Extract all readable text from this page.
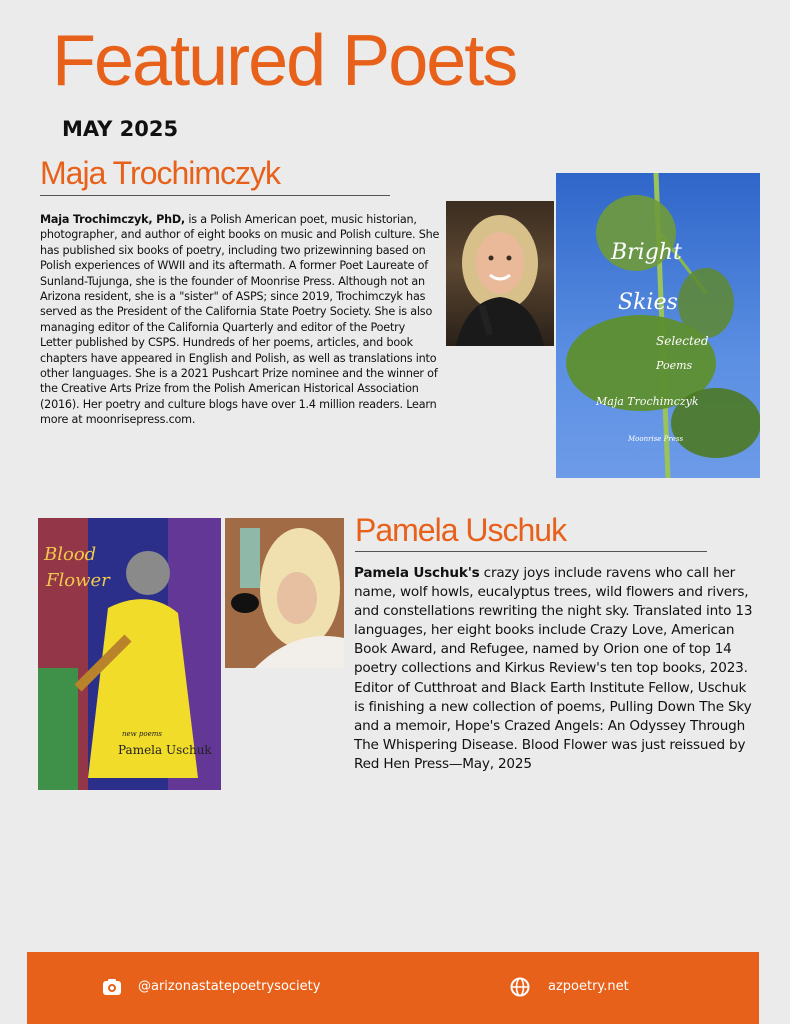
Featured Poets
MAY 2025
Maja Trochimczyk
Maja Trochimczyk, PhD, is a Polish American poet, music historian, photographer, and author of eight books on music and Polish culture. She has published six books of poetry, including two prizewinning based on Polish experiences of WWII and its aftermath. A former Poet Laureate of Sunland-Tujunga, she is the founder of Moonrise Press. Although not an Arizona resident, she is a "sister" of ASPS; since 2019, Trochimczyk has served as the President of the California State Poetry Society. She is also managing editor of the California Quarterly and editor of the Poetry Letter published by CSPS. Hundreds of her poems, articles, and book chapters have appeared in English and Polish, as well as translations into other languages. She is a 2021 Pushcart Prize nominee and the winner of the Creative Arts Prize from the Polish American Historical Association (2016). Her poetry and culture blogs have over 1.4 million readers. Learn more at moonrisepress.com.
Bright
Skies
Selected
Poems
Maja Trochimczyk
Moonrise Press
Blood
Flower
new poems
Pamela Uschuk
Pamela Uschuk
Pamela Uschuk's crazy joys include ravens who call her name, wolf howls, eucalyptus trees, wild flowers and rivers, and constellations rewriting the night sky. Translated into 13 languages, her eight books include Crazy Love, American Book Award, and Refugee, named by Orion one of top 14 poetry collections and Kirkus Review's ten top books, 2023. Editor of Cutthroat and Black Earth Institute Fellow, Uschuk is finishing a new collection of poems, Pulling Down The Sky and a memoir, Hope's Crazed Angels: An Odyssey Through The Whispering Disease. Blood Flower was just reissued by Red Hen Press—May, 2025
@arizonastatepoetrysociety	azpoetry.net
